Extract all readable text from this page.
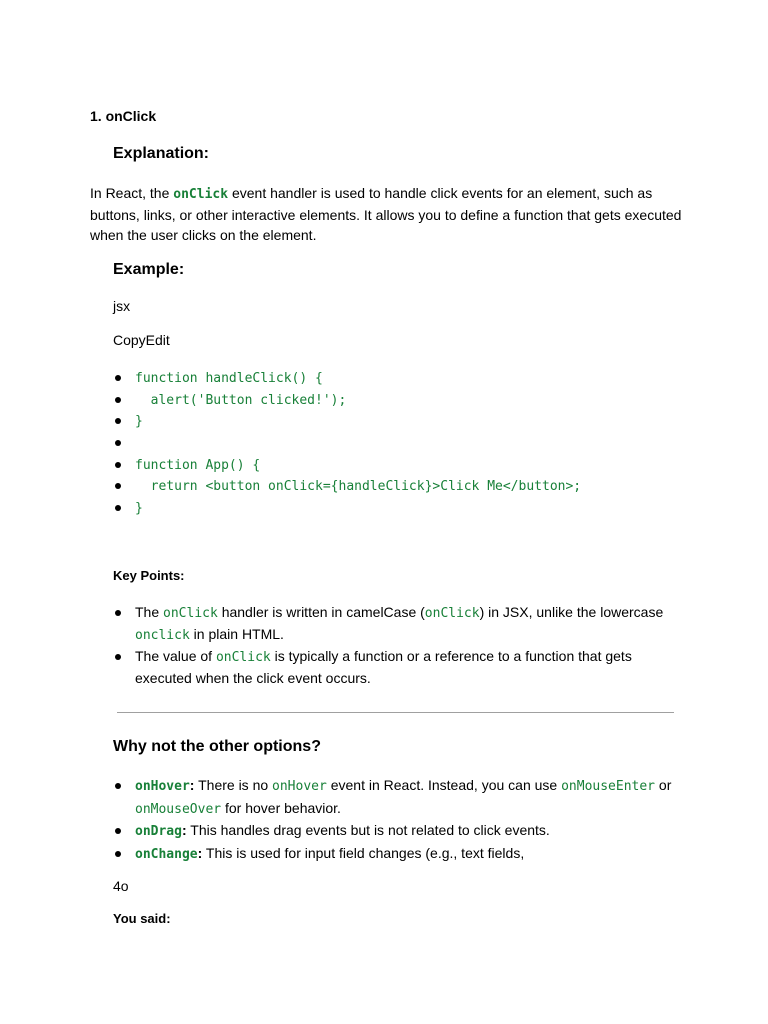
1. onClick
Explanation:
In React, the onClick event handler is used to handle click events for an element, such as buttons, links, or other interactive elements. It allows you to define a function that gets executed when the user clicks on the element.
Example:
jsx
CopyEdit
function handleClick() {
alert('Button clicked!');
}
function App() {
return <button onClick={handleClick}>Click Me</button>;
}
Key Points:
The onClick handler is written in camelCase (onClick) in JSX, unlike the lowercase onclick in plain HTML.
The value of onClick is typically a function or a reference to a function that gets executed when the click event occurs.
Why not the other options?
onHover: There is no onHover event in React. Instead, you can use onMouseEnter or onMouseOver for hover behavior.
onDrag: This handles drag events but is not related to click events.
onChange: This is used for input field changes (e.g., text fields,
4o
You said:
